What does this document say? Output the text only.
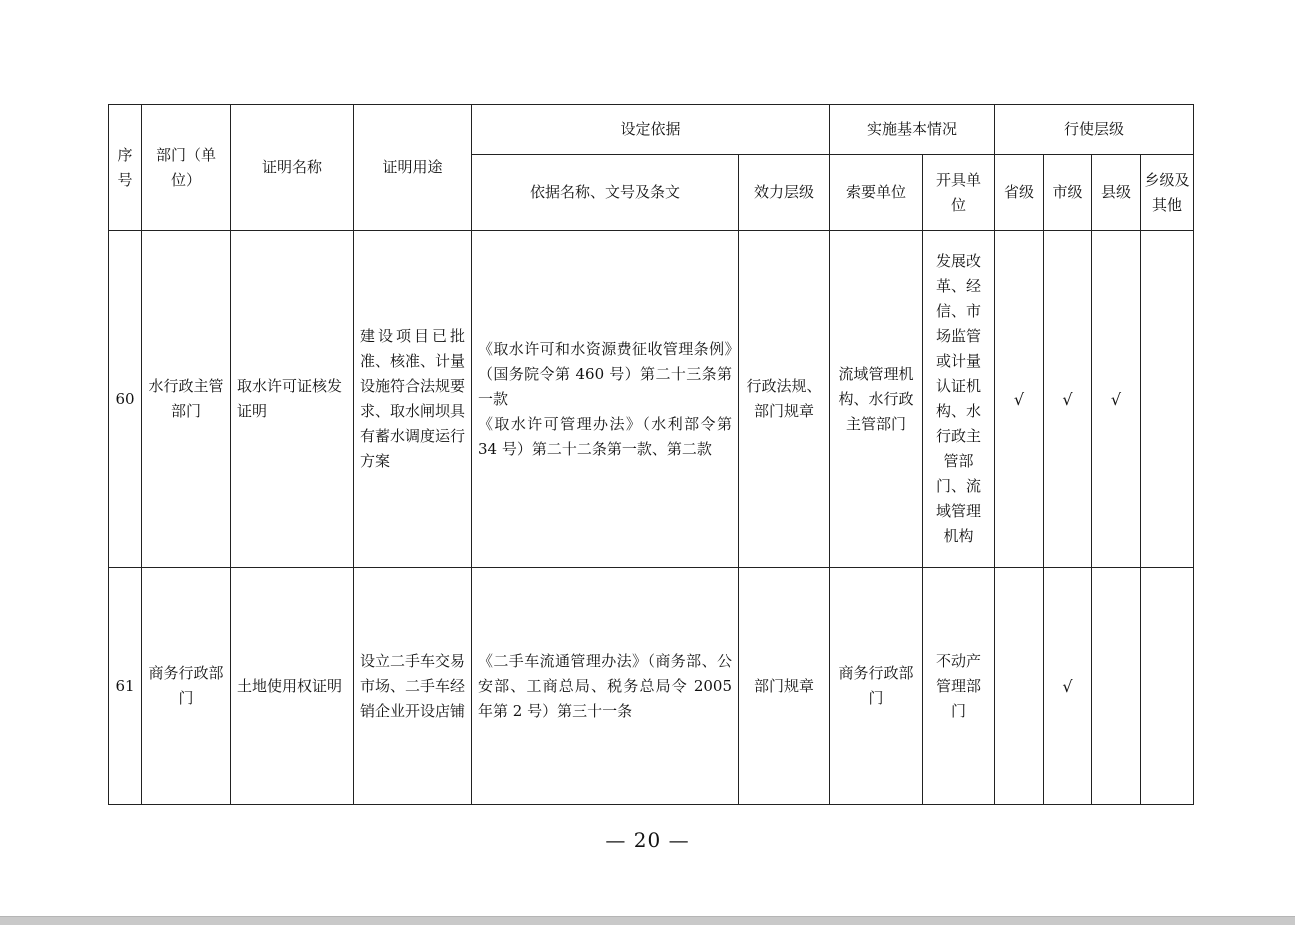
序号	部门（单位）	证明名称	证明用途	设定依据		实施基本情况		行使层级			
				依据名称、文号及条文	效力层级	索要单位	开具单位	省级	市级	县级	乡级及其他
60	水行政主管部门	取水许可证核发证明	建设项目已批准、核准、计量设施符合法规要求、取水闸坝具有蓄水调度运行方案	《取水许可和水资源费征收管理条例》（国务院令第 460 号）第二十三条第一款
《取水许可管理办法》（水利部令第 34 号）第二十二条第一款、第二款	行政法规、部门规章	流域管理机构、水行政主管部门	发展改革、经信、市场监管或计量认证机构、水行政主管部门、流域管理机构	√	√	√	
61	商务行政部门	土地使用权证明	设立二手车交易市场、二手车经销企业开设店铺	《二手车流通管理办法》（商务部、公安部、工商总局、税务总局令 2005 年第 2 号）第三十一条	部门规章	商务行政部门	不动产管理部门		√		
— 20 —
